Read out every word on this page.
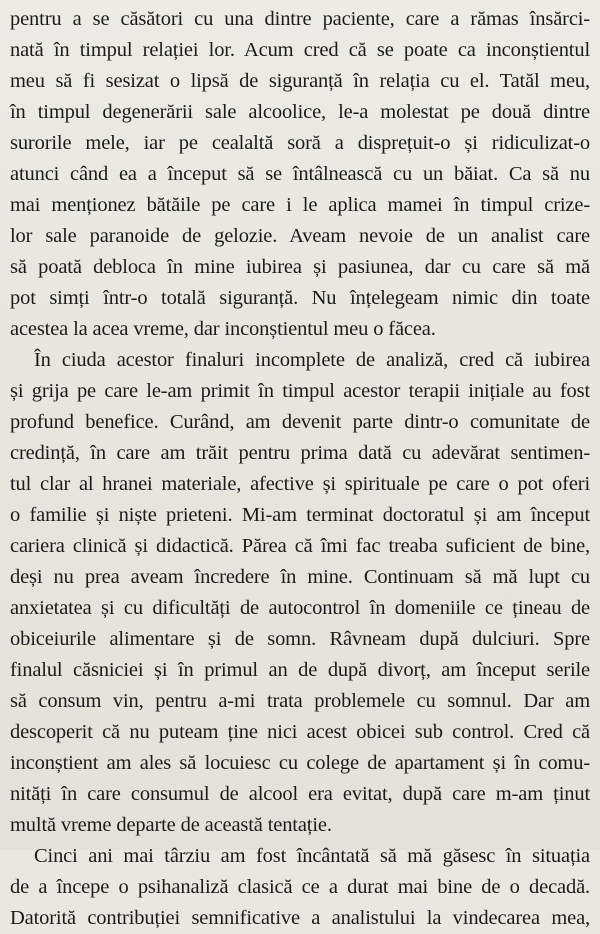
pentru a se căsători cu una dintre paciente, care a rămas însărci-
nată în timpul relației lor. Acum cred că se poate ca inconștientul
meu să fi sesizat o lipsă de siguranță în relația cu el. Tatăl meu,
în timpul degenerării sale alcoolice, le-a molestat pe două dintre
surorile mele, iar pe cealaltă soră a disprețuit-o și ridiculizat-o
atunci când ea a început să se întâlnească cu un băiat. Ca să nu
mai menționez bătăile pe care i le aplica mamei în timpul crize-
lor sale paranoide de gelozie. Aveam nevoie de un analist care
să poată debloca în mine iubirea și pasiunea, dar cu care să mă
pot simți într-o totală siguranță. Nu înțelegeam nimic din toate
acestea la acea vreme, dar inconștientul meu o făcea.
În ciuda acestor finaluri incomplete de analiză, cred că iubirea
și grija pe care le-am primit în timpul acestor terapii inițiale au fost
profund benefice. Curând, am devenit parte dintr-o comunitate de
credință, în care am trăit pentru prima dată cu adevărat sentimen-
tul clar al hranei materiale, afective și spirituale pe care o pot oferi
o familie și niște prieteni. Mi-am terminat doctoratul și am început
cariera clinică și didactică. Părea că îmi fac treaba suficient de bine,
deși nu prea aveam încredere în mine. Continuam să mă lupt cu
anxietatea și cu dificultăți de autocontrol în domeniile ce țineau de
obiceiurile alimentare și de somn. Râvneam după dulciuri. Spre
finalul căsniciei și în primul an de după divorț, am început serile
să consum vin, pentru a-mi trata problemele cu somnul. Dar am
descoperit că nu puteam ține nici acest obicei sub control. Cred că
inconștient am ales să locuiesc cu colege de apartament și în comu-
nități în care consumul de alcool era evitat, după care m-am ținut
multă vreme departe de această tentație.
Cinci ani mai târziu am fost încântată să mă găsesc în situația
de a începe o psihanaliză clasică ce a durat mai bine de o decadă.
Datorită contribuției semnificative a analistului la vindecarea mea,
